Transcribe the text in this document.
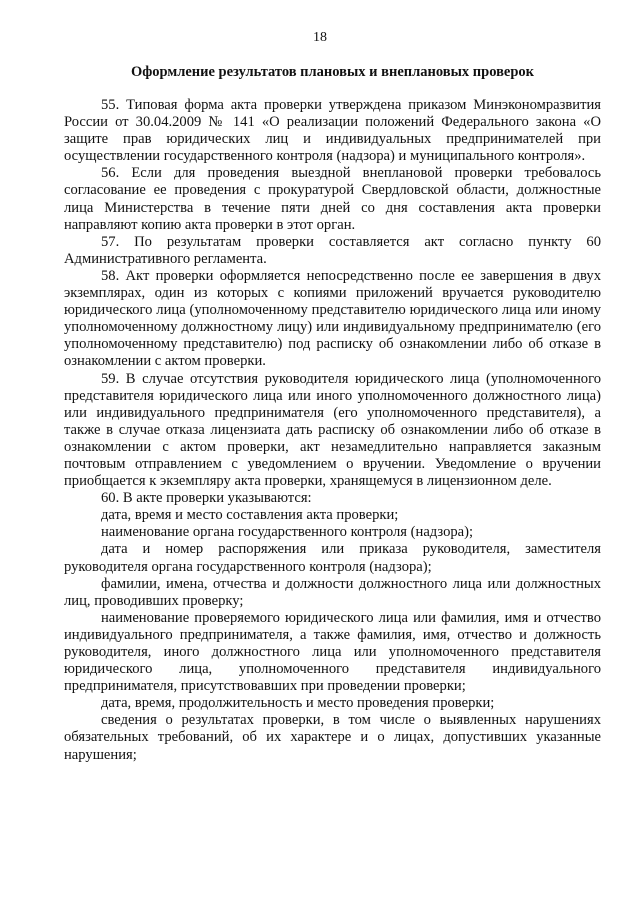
18
Оформление результатов плановых и внеплановых проверок

55. Типовая форма акта проверки утверждена приказом Минэкономразвития России от 30.04.2009 № 141 «О реализации положений Федерального закона «О защите прав юридических лиц и индивидуальных предпринимателей при осуществлении государственного контроля (надзора) и муниципального контроля».

56. Если для проведения выездной внеплановой проверки требовалось согласование ее проведения с прокуратурой Свердловской области, должностные лица Министерства в течение пяти дней со дня составления акта проверки направляют копию акта проверки в этот орган.

57. По результатам проверки составляется акт согласно пункту 60 Административного регламента.

58. Акт проверки оформляется непосредственно после ее завершения в двух экземплярах, один из которых с копиями приложений вручается руководителю юридического лица (уполномоченному представителю юридического лица или иному уполномоченному должностному лицу) или индивидуальному предпринимателю (его уполномоченному представителю) под расписку об ознакомлении либо об отказе в ознакомлении с актом проверки.

59. В случае отсутствия руководителя юридического лица (уполномоченного представителя юридического лица или иного уполномоченного должностного лица) или индивидуального предпринимателя (его уполномоченного представителя), а также в случае отказа лицензиата дать расписку об ознакомлении либо об отказе в ознакомлении с актом проверки, акт незамедлительно направляется заказным почтовым отправлением с уведомлением о вручении. Уведомление о вручении приобщается к экземпляру акта проверки, хранящемуся в лицензионном деле.

60. В акте проверки указываются:

дата, время и место составления акта проверки;

наименование органа государственного контроля (надзора);

дата и номер распоряжения или приказа руководителя, заместителя руководителя органа государственного контроля (надзора);

фамилии, имена, отчества и должности должностного лица или должностных лиц, проводивших проверку;

наименование проверяемого юридического лица или фамилия, имя и отчество индивидуального предпринимателя, а также фамилия, имя, отчество и должность руководителя, иного должностного лица или уполномоченного представителя юридического лица, уполномоченного представителя индивидуального предпринимателя, присутствовавших при проведении проверки;

дата, время, продолжительность и место проведения проверки;

сведения о результатах проверки, в том числе о выявленных нарушениях обязательных требований, об их характере и о лицах, допустивших указанные нарушения;
